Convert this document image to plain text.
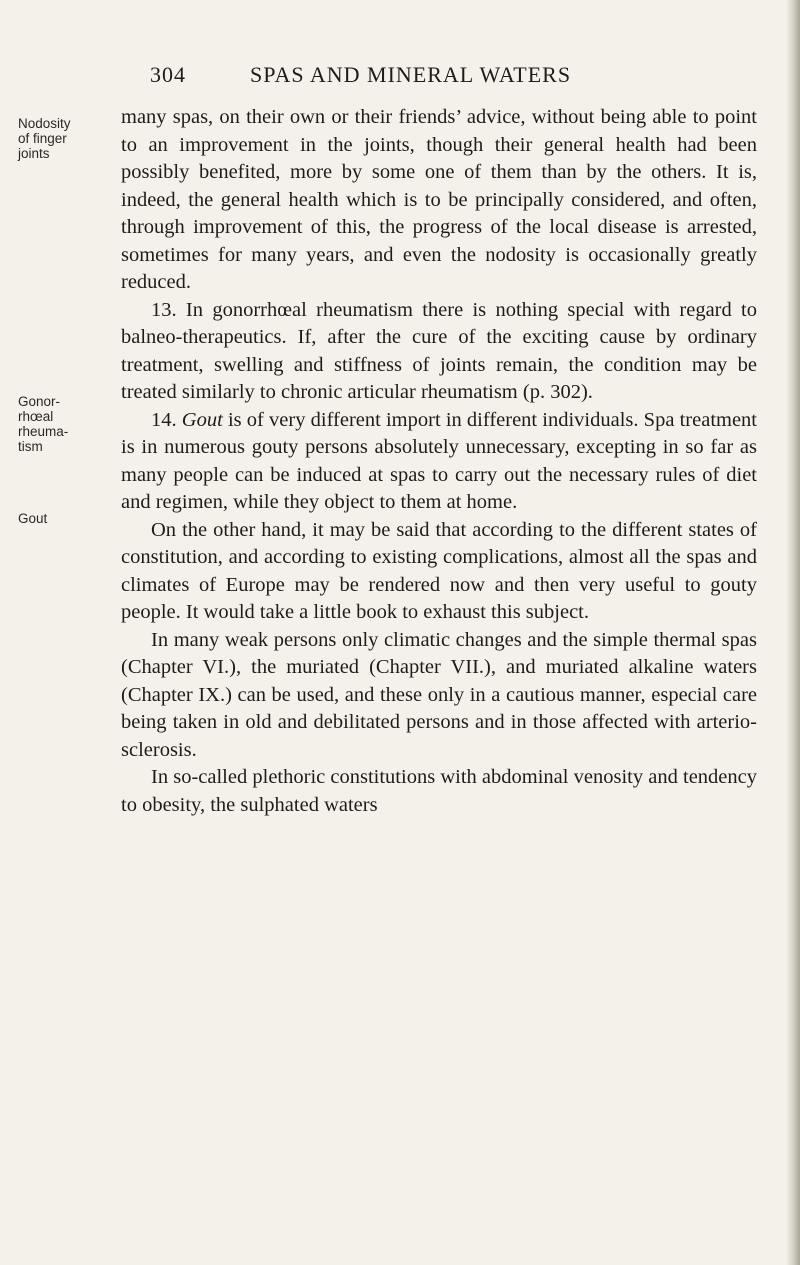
304	SPAS AND MINERAL WATERS
Nodosity
of finger
joints
Gonor-
rhœal
rheuma-
tism
Gout

many spas, on their own or their friends’ advice, without being able to point to an improvement in the joints, though their general health had been possibly benefited, more by some one of them than by the others. It is, indeed, the general health which is to be principally considered, and often, through improvement of this, the progress of the local disease is arrested, sometimes for many years, and even the nodosity is occasionally greatly reduced.

13. In gonorrhœal rheumatism there is nothing special with regard to balneo-therapeutics. If, after the cure of the exciting cause by ordinary treatment, swelling and stiffness of joints remain, the condition may be treated similarly to chronic articular rheumatism (p. 302).

14. Gout is of very different import in different individuals. Spa treatment is in numerous gouty persons absolutely unnecessary, excepting in so far as many people can be induced at spas to carry out the necessary rules of diet and regimen, while they object to them at home.

On the other hand, it may be said that according to the different states of constitution, and according to existing complications, almost all the spas and climates of Europe may be rendered now and then very useful to gouty people. It would take a little book to exhaust this subject.

In many weak persons only climatic changes and the simple thermal spas (Chapter VI.), the muriated (Chapter VII.), and muriated alkaline waters (Chapter IX.) can be used, and these only in a cautious manner, especial care being taken in old and debilitated persons and in those affected with arterio-sclerosis.

In so-called plethoric constitutions with abdominal venosity and tendency to obesity, the sulphated waters
